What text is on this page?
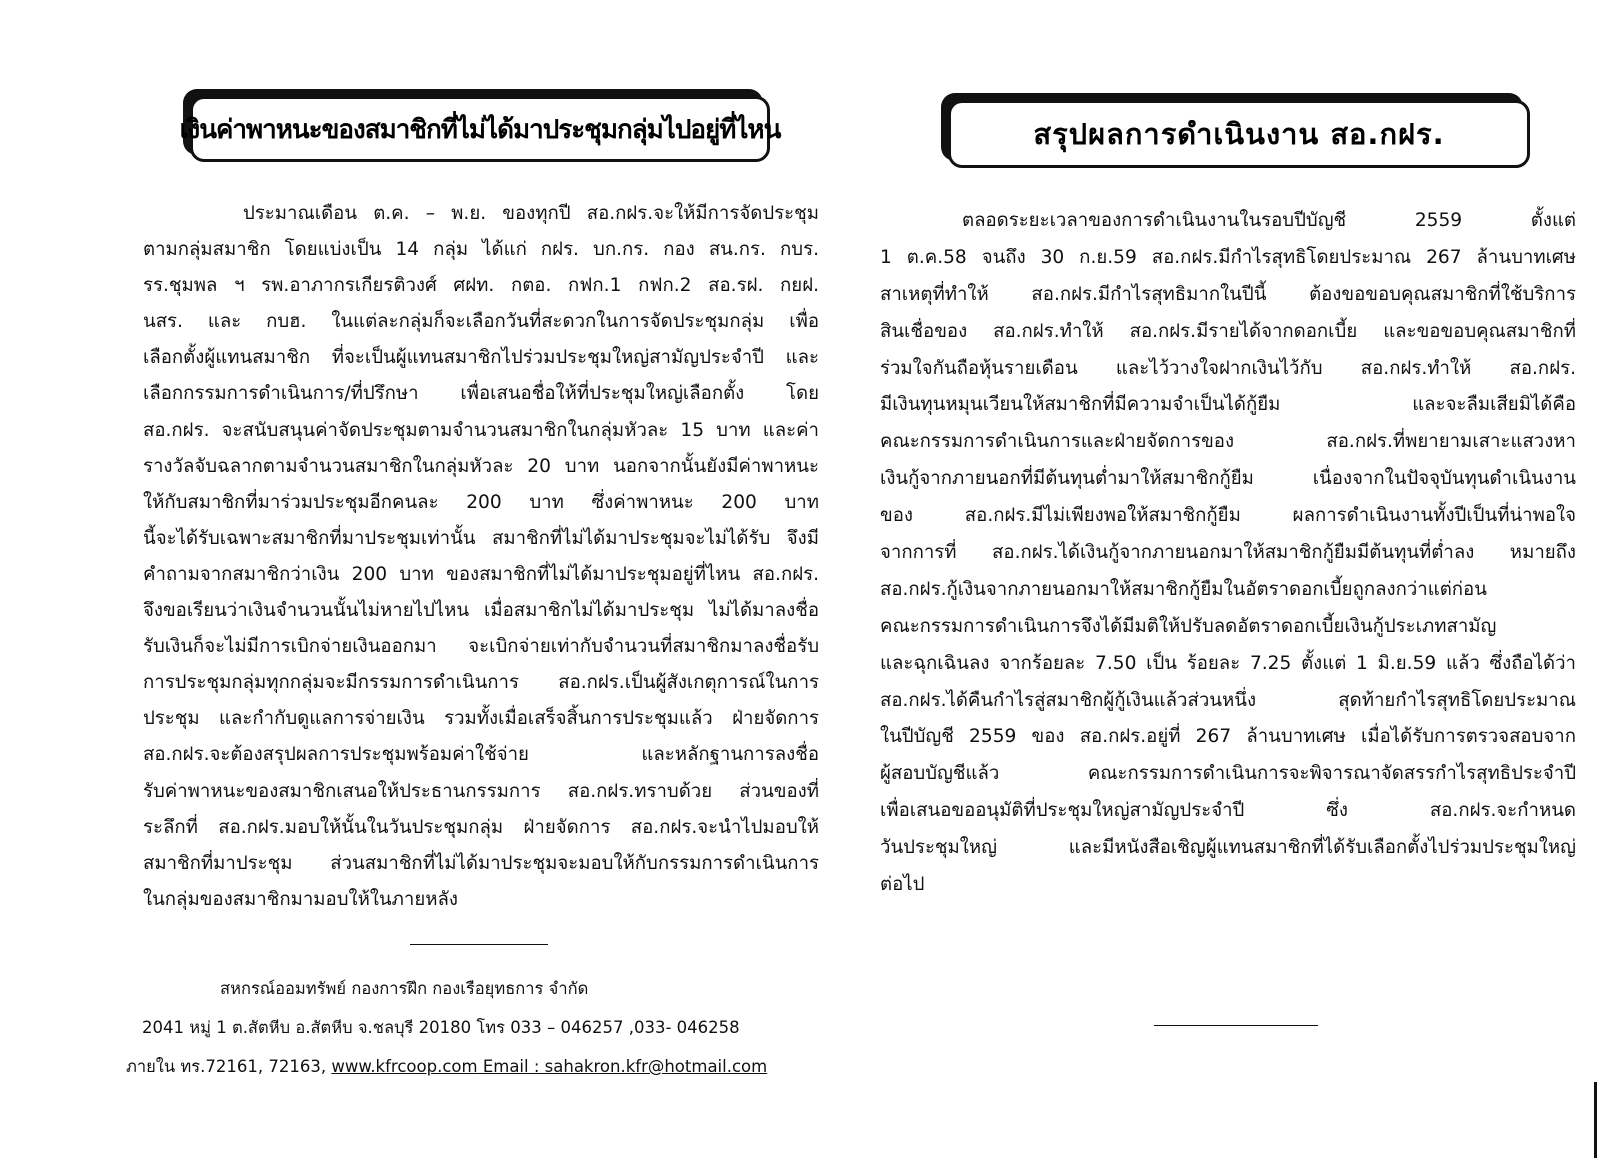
เงินค่าพาหนะของสมาชิกที่ไม่ได้มาประชุมกลุ่มไปอยู่ที่ไหน
ประมาณเดือน ต.ค. – พ.ย. ของทุกปี สอ.กฝร.จะให้มีการจัดประชุม
ตามกลุ่มสมาชิก โดยแบ่งเป็น 14 กลุ่ม ได้แก่ กฝร. บก.กร. กอง สน.กร. กบร.
รร.ชุมพล ฯ รพ.อาภากรเกียรติวงศ์ ศฝท. กตอ. กฟก.1 กฟก.2 สอ.รฝ. กยฝ.
นสร. และ กบฮ. ในแต่ละกลุ่มก็จะเลือกวันที่สะดวกในการจัดประชุมกลุ่ม เพื่อ
เลือกตั้งผู้แทนสมาชิก ที่จะเป็นผู้แทนสมาชิกไปร่วมประชุมใหญ่สามัญประจำปี และ
เลือกกรรมการดำเนินการ/ที่ปรึกษา เพื่อเสนอชื่อให้ที่ประชุมใหญ่เลือกตั้ง โดย
สอ.กฝร. จะสนับสนุนค่าจัดประชุมตามจำนวนสมาชิกในกลุ่มหัวละ 15 บาท และค่า
รางวัลจับฉลากตามจำนวนสมาชิกในกลุ่มหัวละ 20 บาท นอกจากนั้นยังมีค่าพาหนะ
ให้กับสมาชิกที่มาร่วมประชุมอีกคนละ 200 บาท ซึ่งค่าพาหนะ 200 บาท
นี้จะได้รับเฉพาะสมาชิกที่มาประชุมเท่านั้น สมาชิกที่ไม่ได้มาประชุมจะไม่ได้รับ จึงมี
คำถามจากสมาชิกว่าเงิน 200 บาท ของสมาชิกที่ไม่ได้มาประชุมอยู่ที่ไหน สอ.กฝร.
จึงขอเรียนว่าเงินจำนวนนั้นไม่หายไปไหน เมื่อสมาชิกไม่ได้มาประชุม ไม่ได้มาลงชื่อ
รับเงินก็จะไม่มีการเบิกจ่ายเงินออกมา จะเบิกจ่ายเท่ากับจำนวนที่สมาชิกมาลงชื่อรับ
การประชุมกลุ่มทุกกลุ่มจะมีกรรมการดำเนินการ สอ.กฝร.เป็นผู้สังเกตุการณ์ในการ
ประชุม และกำกับดูแลการจ่ายเงิน รวมทั้งเมื่อเสร็จสิ้นการประชุมแล้ว ฝ่ายจัดการ
สอ.กฝร.จะต้องสรุปผลการประชุมพร้อมค่าใช้จ่าย และหลักฐานการลงชื่อ
รับค่าพาหนะของสมาชิกเสนอให้ประธานกรรมการ สอ.กฝร.ทราบด้วย ส่วนของที่
ระลึกที่ สอ.กฝร.มอบให้นั้นในวันประชุมกลุ่ม ฝ่ายจัดการ สอ.กฝร.จะนำไปมอบให้
สมาชิกที่มาประชุม ส่วนสมาชิกที่ไม่ได้มาประชุมจะมอบให้กับกรรมการดำเนินการ
ในกลุ่มของสมาชิกมามอบให้ในภายหลัง
สหกรณ์ออมทรัพย์ กองการฝึก กองเรือยุทธการ จำกัด
2041 หมู่ 1 ต.สัตหีบ อ.สัตหีบ จ.ชลบุรี 20180 โทร 033 – 046257 ,033- 046258
ภายใน ทร.72161, 72163, www.kfrcoop.com Email : sahakron.kfr@hotmail.com
สรุปผลการดำเนินงาน สอ.กฝร.
ตลอดระยะเวลาของการดำเนินงานในรอบปีบัญชี 2559 ตั้งแต่
1 ต.ค.58 จนถึง 30 ก.ย.59 สอ.กฝร.มีกำไรสุทธิโดยประมาณ 267 ล้านบาทเศษ
สาเหตุที่ทำให้ สอ.กฝร.มีกำไรสุทธิมากในปีนี้ ต้องขอขอบคุณสมาชิกที่ใช้บริการ
สินเชื่อของ สอ.กฝร.ทำให้ สอ.กฝร.มีรายได้จากดอกเบี้ย และขอขอบคุณสมาชิกที่
ร่วมใจกันถือหุ้นรายเดือน และไว้วางใจฝากเงินไว้กับ สอ.กฝร.ทำให้ สอ.กฝร.
มีเงินทุนหมุนเวียนให้สมาชิกที่มีความจำเป็นได้กู้ยืม และจะลืมเสียมิได้คือ
คณะกรรมการดำเนินการและฝ่ายจัดการของ สอ.กฝร.ที่พยายามเสาะแสวงหา
เงินกู้จากภายนอกที่มีต้นทุนต่ำมาให้สมาชิกกู้ยืม เนื่องจากในปัจจุบันทุนดำเนินงาน
ของ สอ.กฝร.มีไม่เพียงพอให้สมาชิกกู้ยืม ผลการดำเนินงานทั้งปีเป็นที่น่าพอใจ
จากการที่ สอ.กฝร.ได้เงินกู้จากภายนอกมาให้สมาชิกกู้ยืมมีต้นทุนที่ต่ำลง หมายถึง
สอ.กฝร.กู้เงินจากภายนอกมาให้สมาชิกกู้ยืมในอัตราดอกเบี้ยถูกลงกว่าแต่ก่อน
คณะกรรมการดำเนินการจึงได้มีมติให้ปรับลดอัตราดอกเบี้ยเงินกู้ประเภทสามัญ
และฉุกเฉินลง จากร้อยละ 7.50 เป็น ร้อยละ 7.25 ตั้งแต่ 1 มิ.ย.59 แล้ว ซึ่งถือได้ว่า
สอ.กฝร.ได้คืนกำไรสู่สมาชิกผู้กู้เงินแล้วส่วนหนึ่ง สุดท้ายกำไรสุทธิโดยประมาณ
ในปีบัญชี 2559 ของ สอ.กฝร.อยู่ที่ 267 ล้านบาทเศษ เมื่อได้รับการตรวจสอบจาก
ผู้สอบบัญชีแล้ว คณะกรรมการดำเนินการจะพิจารณาจัดสรรกำไรสุทธิประจำปี
เพื่อเสนอขออนุมัติที่ประชุมใหญ่สามัญประจำปี ซึ่ง สอ.กฝร.จะกำหนด
วันประชุมใหญ่ และมีหนังสือเชิญผู้แทนสมาชิกที่ได้รับเลือกตั้งไปร่วมประชุมใหญ่
ต่อไป
